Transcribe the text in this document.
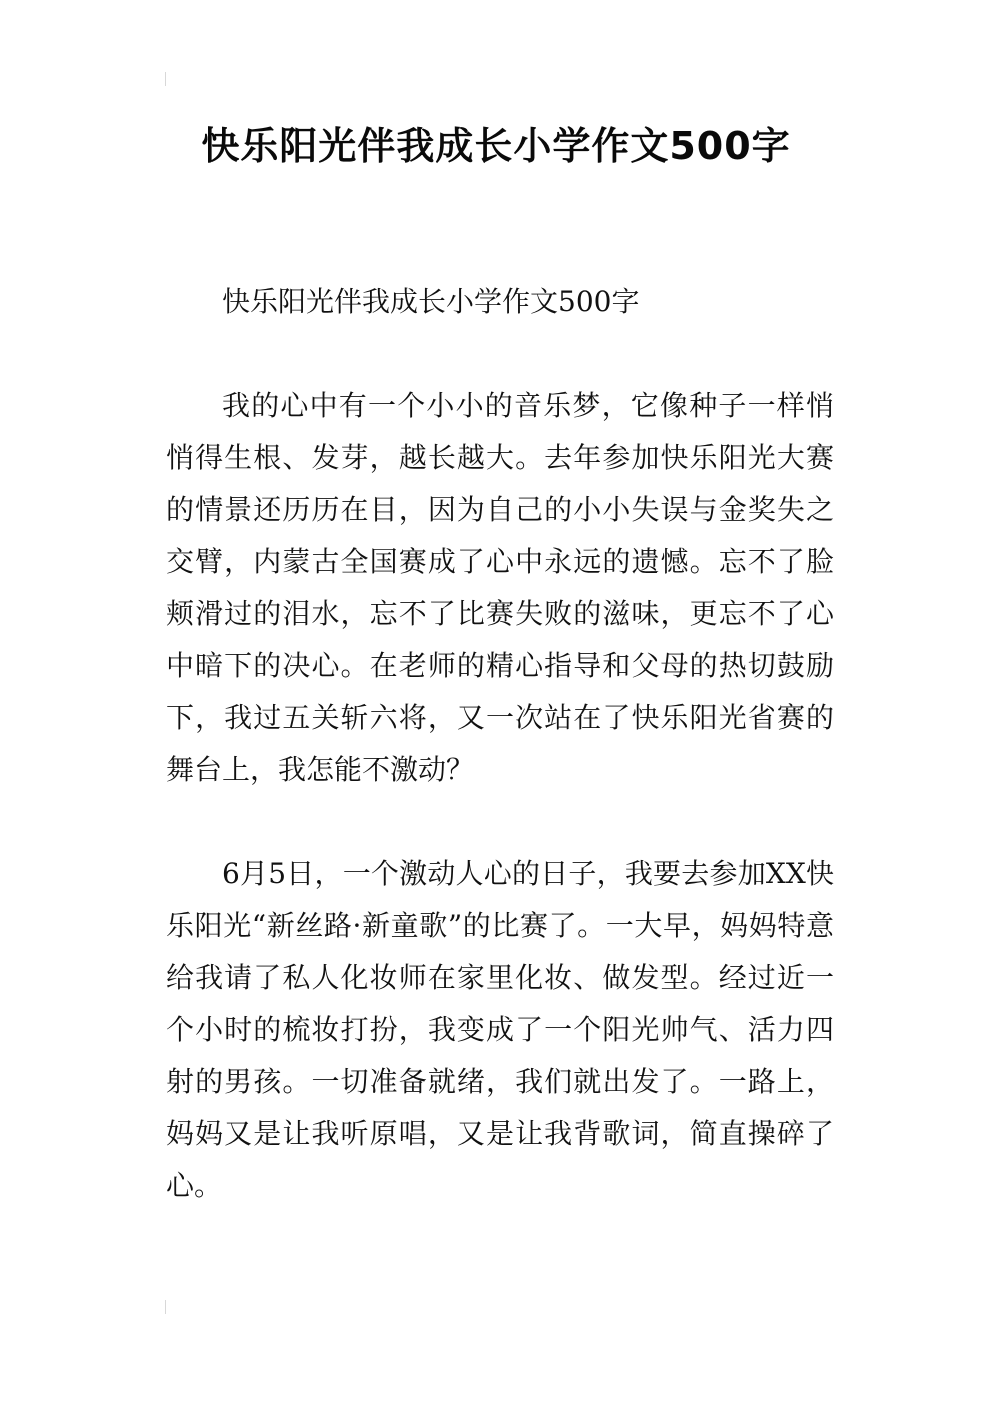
快乐阳光伴我成长小学作文500字

快乐阳光伴我成长小学作文500字

我的心中有一个小小的音乐梦，它像种子一样悄悄得生根、发芽，越长越大。去年参加快乐阳光大赛的情景还历历在目，因为自己的小小失误与金奖失之交臂，内蒙古全国赛成了心中永远的遗憾。忘不了脸颊滑过的泪水，忘不了比赛失败的滋味，更忘不了心中暗下的决心。在老师的精心指导和父母的热切鼓励下，我过五关斩六将，又一次站在了快乐阳光省赛的舞台上，我怎能不激动？

6月5日，一个激动人心的日子，我要去参加XX快乐阳光“新丝路·新童歌”的比赛了。一大早，妈妈特意给我请了私人化妆师在家里化妆、做发型。经过近一个小时的梳妆打扮，我变成了一个阳光帅气、活力四射的男孩。一切准备就绪，我们就出发了。一路上，妈妈又是让我听原唱，又是让我背歌词，简直操碎了心。
